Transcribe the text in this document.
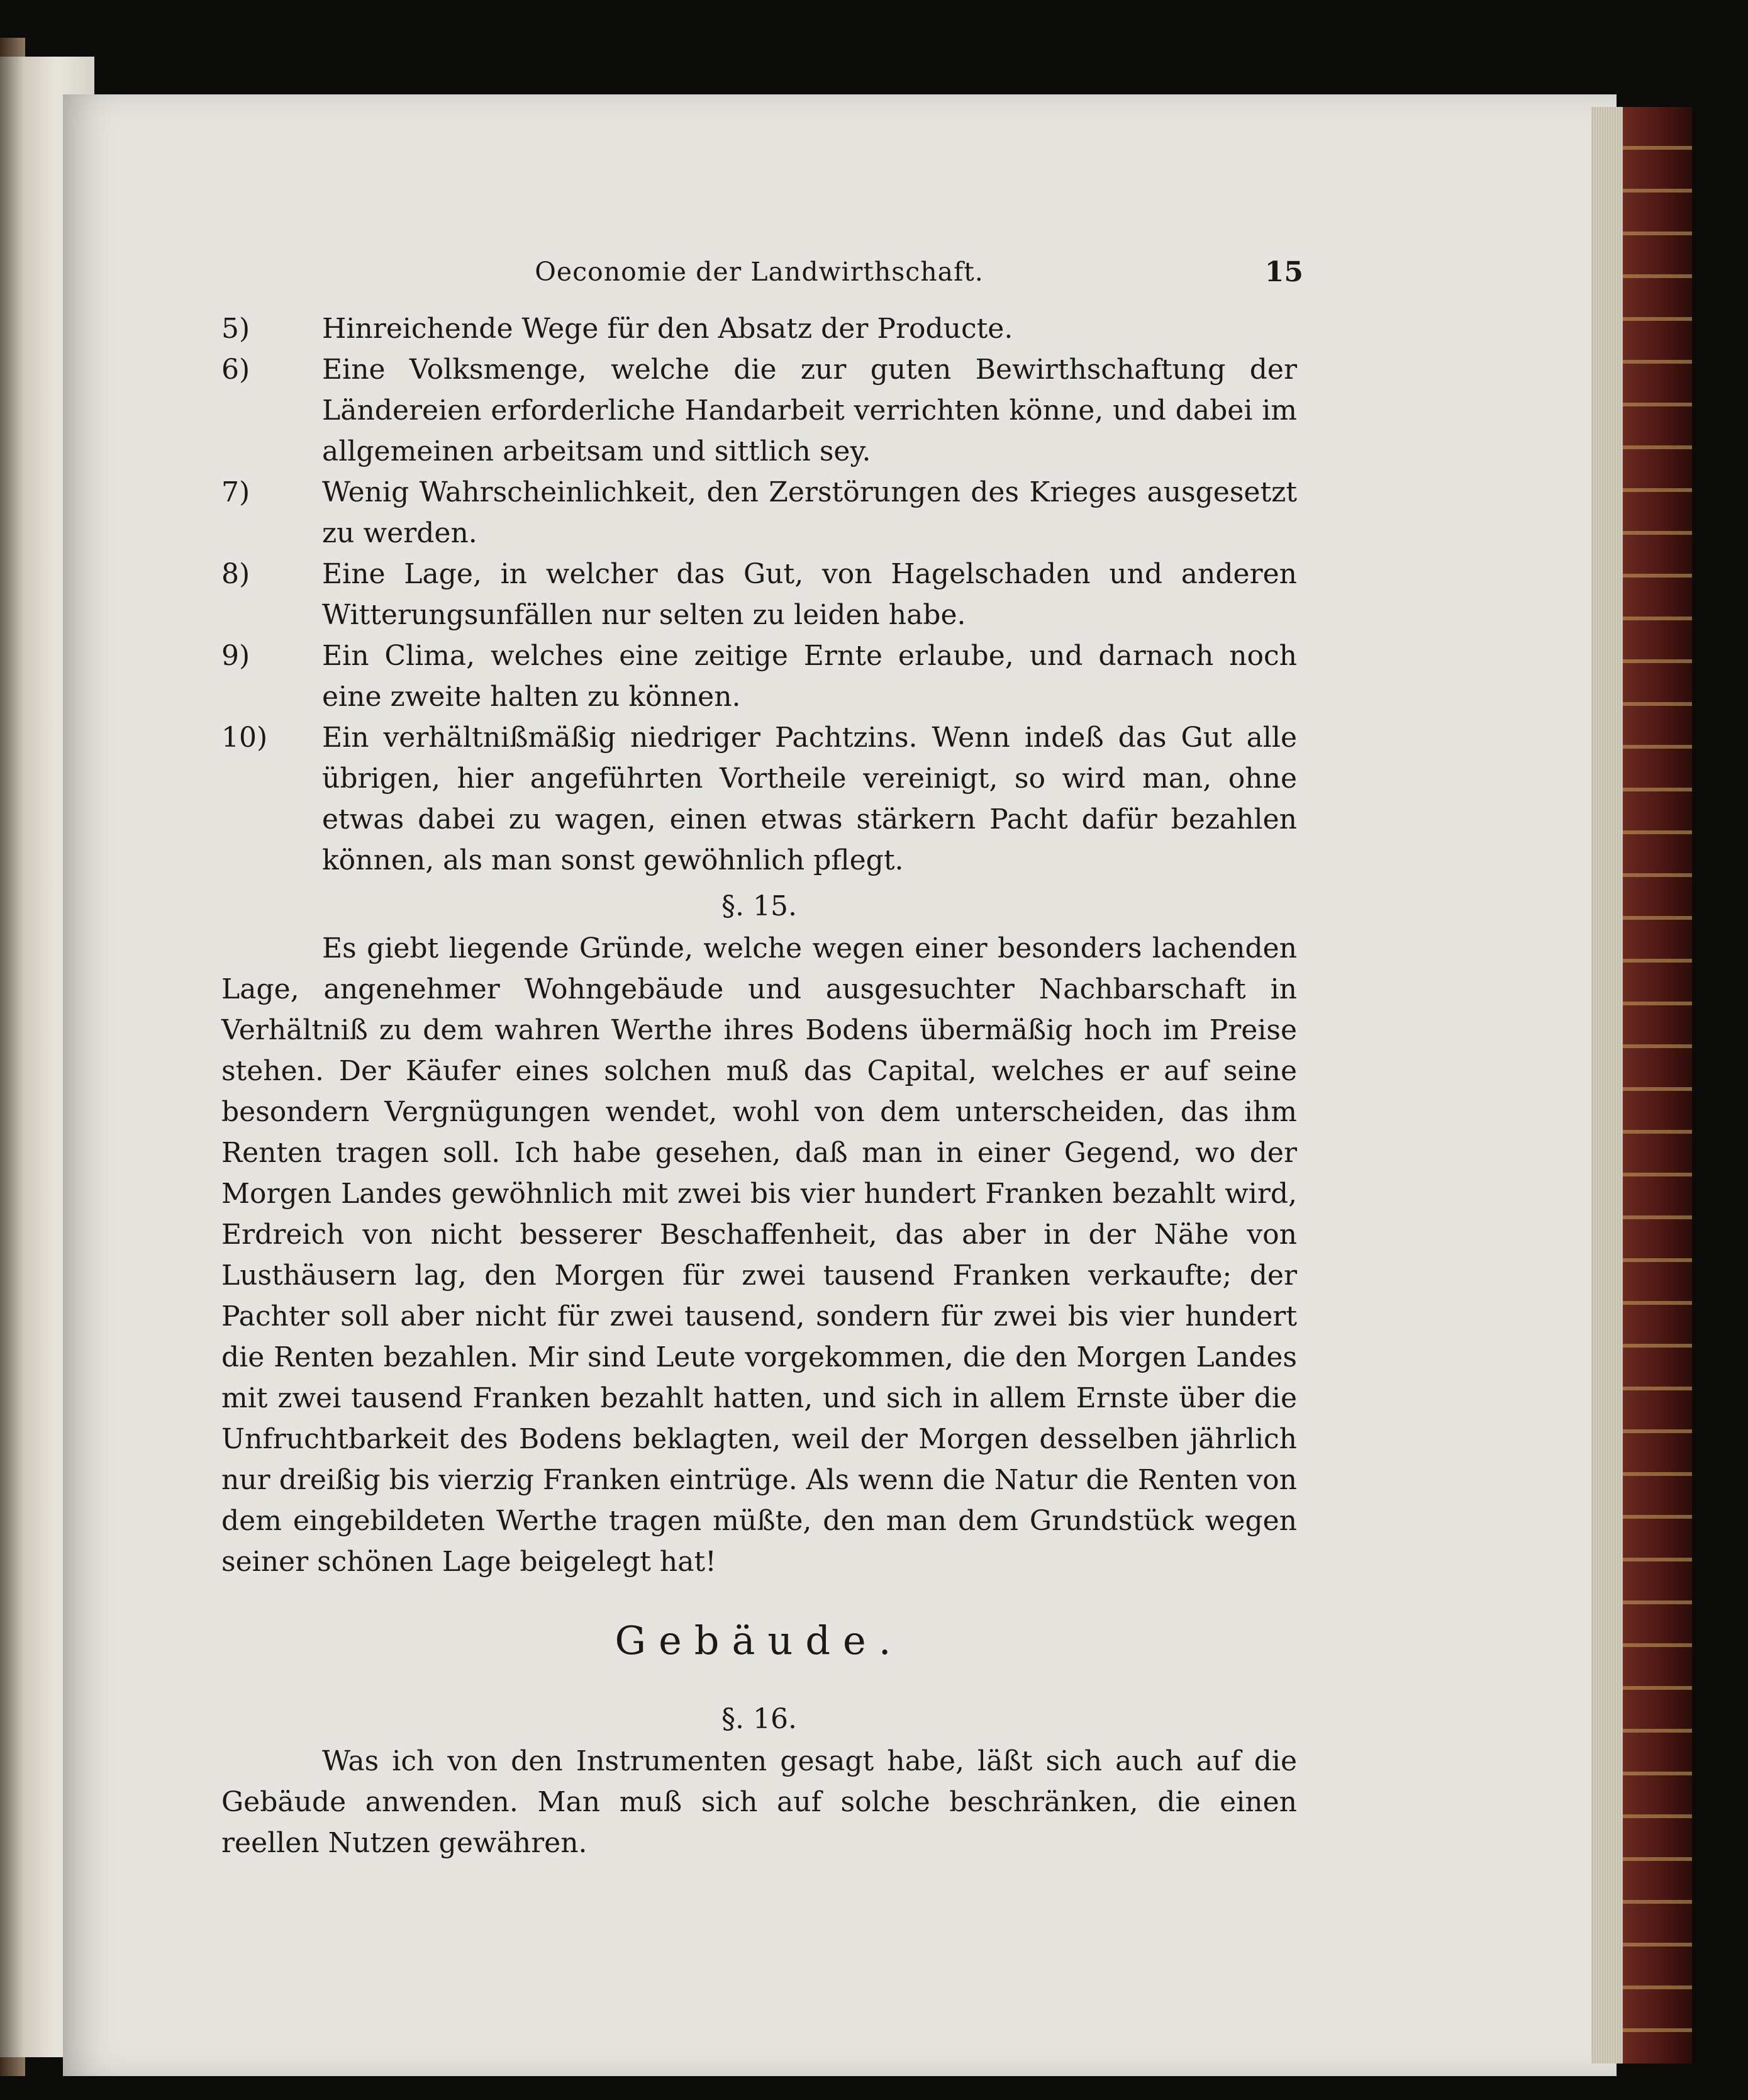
Oeconomie der Landwirthschaft.	15
5)	Hinreichende Wege für den Absatz der Producte.
6)	Eine Volksmenge, welche die zur guten Bewirthschaftung der Ländereien erforderliche Handarbeit verrichten könne, und dabei im allgemeinen arbeitsam und sittlich sey.
7)	Wenig Wahrscheinlichkeit, den Zerstörungen des Krieges ausgesetzt zu werden.
8)	Eine Lage, in welcher das Gut, von Hagelschaden und anderen Witterungsunfällen nur selten zu leiden habe.
9)	Ein Clima, welches eine zeitige Ernte erlaube, und darnach noch eine zweite halten zu können.
10)	Ein verhältnißmäßig niedriger Pachtzins. Wenn indeß das Gut alle übrigen, hier angeführten Vortheile vereinigt, so wird man, ohne etwas dabei zu wagen, einen etwas stärkern Pacht dafür bezahlen können, als man sonst gewöhnlich pflegt.
§. 15.

Es giebt liegende Gründe, welche wegen einer besonders lachenden Lage, angenehmer Wohngebäude und ausgesuchter Nachbarschaft in Verhältniß zu dem wahren Werthe ihres Bodens übermäßig hoch im Preise stehen. Der Käufer eines solchen muß das Capital, welches er auf seine besondern Vergnügungen wendet, wohl von dem unterscheiden, das ihm Renten tragen soll. Ich habe gesehen, daß man in einer Gegend, wo der Morgen Landes gewöhnlich mit zwei bis vier hundert Franken bezahlt wird, Erdreich von nicht besserer Beschaffenheit, das aber in der Nähe von Lusthäusern lag, den Morgen für zwei tausend Franken verkaufte; der Pachter soll aber nicht für zwei tausend, sondern für zwei bis vier hundert die Renten bezahlen. Mir sind Leute vorgekommen, die den Morgen Landes mit zwei tausend Franken bezahlt hatten, und sich in allem Ernste über die Unfruchtbarkeit des Bodens beklagten, weil der Morgen desselben jährlich nur dreißig bis vierzig Franken eintrüge. Als wenn die Natur die Renten von dem eingebildeten Werthe tragen müßte, den man dem Grundstück wegen seiner schönen Lage beigelegt hat!

Gebäude.
§. 16.

Was ich von den Instrumenten gesagt habe, läßt sich auch auf die Gebäude anwenden. Man muß sich auf solche beschränken, die einen reellen Nutzen gewähren.
